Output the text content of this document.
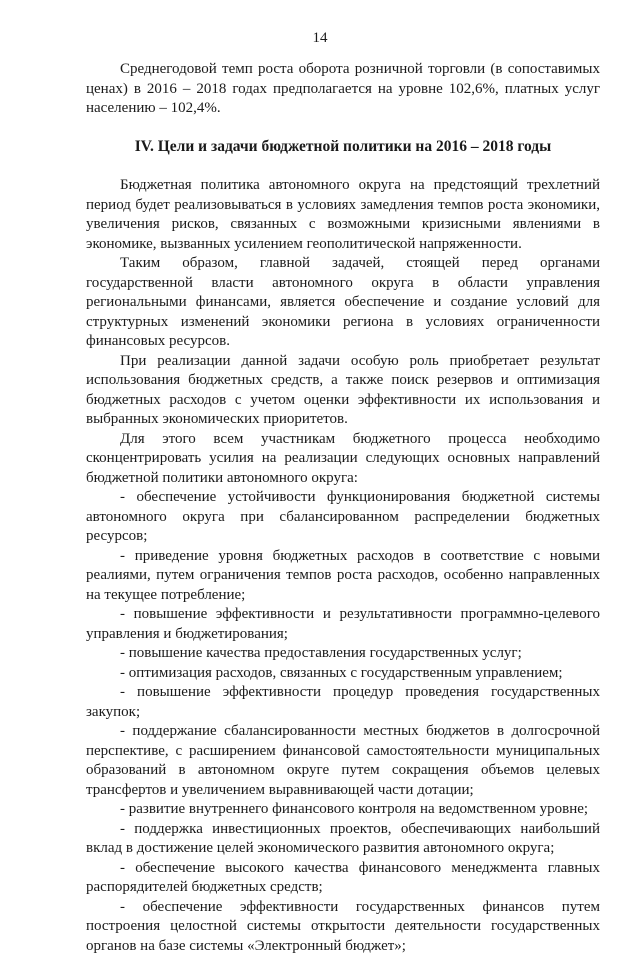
14

Среднегодовой темп роста оборота розничной торговли (в сопоставимых ценах) в 2016 – 2018 годах предполагается на уровне 102,6%, платных услуг населению – 102,4%.

IV. Цели и задачи бюджетной политики на 2016 – 2018 годы

Бюджетная политика автономного округа на предстоящий трехлетний период будет реализовываться в условиях замедления темпов роста экономики, увеличения рисков, связанных с возможными кризисными явлениями в экономике, вызванных усилением геополитической напряженности.

Таким образом, главной задачей, стоящей перед органами государственной власти автономного округа в области управления региональными финансами, является обеспечение и создание условий для структурных изменений экономики региона в условиях ограниченности финансовых ресурсов.

При реализации данной задачи особую роль приобретает результат использования бюджетных средств, а также поиск резервов и оптимизация бюджетных расходов с учетом оценки эффективности их использования и выбранных экономических приоритетов.

Для этого всем участникам бюджетного процесса необходимо сконцентрировать усилия на реализации следующих основных направлений бюджетной политики автономного округа:

- обеспечение устойчивости функционирования бюджетной системы автономного округа при сбалансированном распределении бюджетных ресурсов;

- приведение уровня бюджетных расходов в соответствие с новыми реалиями, путем ограничения темпов роста расходов, особенно направленных на текущее потребление;

- повышение эффективности и результативности программно-целевого управления и бюджетирования;

- повышение качества предоставления государственных услуг;

- оптимизация расходов, связанных с государственным управлением;

- повышение эффективности процедур проведения государственных закупок;

- поддержание сбалансированности местных бюджетов в долгосрочной перспективе, с расширением финансовой самостоятельности муниципальных образований в автономном округе путем сокращения объемов целевых трансфертов и увеличением выравнивающей части дотации;

- развитие внутреннего финансового контроля на ведомственном уровне;

- поддержка инвестиционных проектов, обеспечивающих наибольший вклад в достижение целей экономического развития автономного округа;

- обеспечение высокого качества финансового менеджмента главных распорядителей бюджетных средств;

- обеспечение эффективности государственных финансов путем построения целостной системы открытости деятельности государственных органов на базе системы «Электронный бюджет»;
